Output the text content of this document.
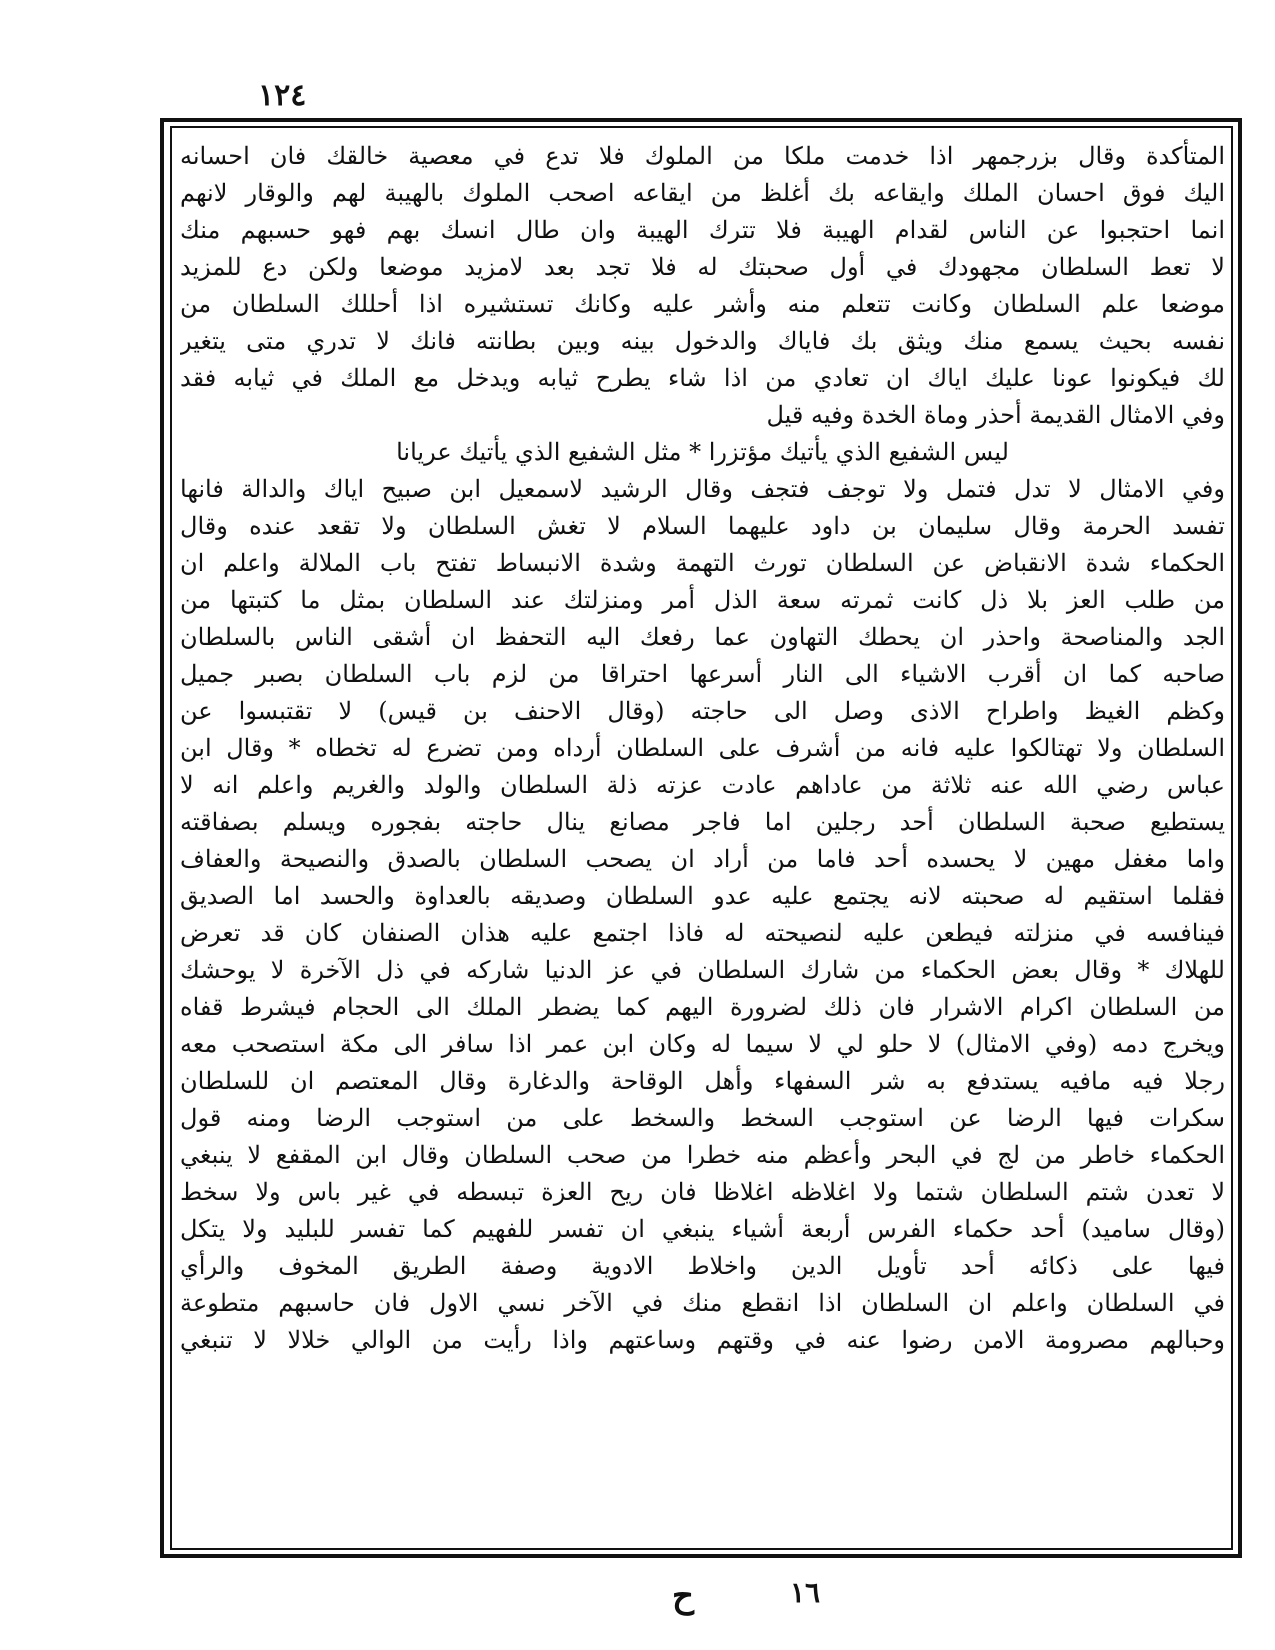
١٢٤
المتأكدة وقال بزرجمهر اذا خدمت ملكا من الملوك فلا تدع في معصية خالقك فان احسانه
اليك فوق احسان الملك وايقاعه بك أغلظ من ايقاعه اصحب الملوك بالهيبة لهم والوقار لانهم
انما احتجبوا عن الناس لقدام الهيبة فلا تترك الهيبة وان طال انسك بهم فهو حسبهم منك
لا تعط السلطان مجهودك في أول صحبتك له فلا تجد بعد لامزيد موضعا ولكن دع للمزيد
موضعا علم السلطان وكانت تتعلم منه وأشر عليه وكانك تستشيره اذا أحللك السلطان من
نفسه بحيث يسمع منك ويثق بك فاياك والدخول بينه وبين بطانته فانك لا تدري متى يتغير
لك فيكونوا عونا عليك اياك ان تعادي من اذا شاء يطرح ثيابه ويدخل مع الملك في ثيابه فقد
وفي الامثال القديمة أحذر وماة الخدة وفيه قيل
ليس الشفيع الذي يأتيك مؤتزرا * مثل الشفيع الذي يأتيك عريانا
وفي الامثال لا تدل فتمل ولا توجف فتجف وقال الرشيد لاسمعيل ابن صبيح اياك والدالة فانها
تفسد الحرمة وقال سليمان بن داود عليهما السلام لا تغش السلطان ولا تقعد عنده وقال
الحكماء شدة الانقباض عن السلطان تورث التهمة وشدة الانبساط تفتح باب الملالة واعلم ان
من طلب العز بلا ذل كانت ثمرته سعة الذل أمر ومنزلتك عند السلطان بمثل ما كتبتها من
الجد والمناصحة واحذر ان يحطك التهاون عما رفعك اليه التحفظ ان أشقى الناس بالسلطان
صاحبه كما ان أقرب الاشياء الى النار أسرعها احتراقا من لزم باب السلطان بصبر جميل
وكظم الغيظ واطراح الاذى وصل الى حاجته (وقال الاحنف بن قيس) لا تقتبسوا عن
السلطان ولا تهتالكوا عليه فانه من أشرف على السلطان أرداه ومن تضرع له تخطاه * وقال ابن
عباس رضي الله عنه ثلاثة من عاداهم عادت عزته ذلة السلطان والولد والغريم واعلم انه لا
يستطيع صحبة السلطان أحد رجلين اما فاجر مصانع ينال حاجته بفجوره ويسلم بصفاقته
واما مغفل مهين لا يحسده أحد فاما من أراد ان يصحب السلطان بالصدق والنصيحة والعفاف
فقلما استقيم له صحبته لانه يجتمع عليه عدو السلطان وصديقه بالعداوة والحسد اما الصديق
فينافسه في منزلته فيطعن عليه لنصيحته له فاذا اجتمع عليه هذان الصنفان كان قد تعرض
للهلاك * وقال بعض الحكماء من شارك السلطان في عز الدنيا شاركه في ذل الآخرة لا يوحشك
من السلطان اكرام الاشرار فان ذلك لضرورة اليهم كما يضطر الملك الى الحجام فيشرط قفاه
ويخرج دمه (وفي الامثال) لا حلو لي لا سيما له وكان ابن عمر اذا سافر الى مكة استصحب معه
رجلا فيه مافيه يستدفع به شر السفهاء وأهل الوقاحة والدغارة وقال المعتصم ان للسلطان
سكرات فيها الرضا عن استوجب السخط والسخط على من استوجب الرضا ومنه قول
الحكماء خاطر من لج في البحر وأعظم منه خطرا من صحب السلطان وقال ابن المقفع لا ينبغي
لا تعدن شتم السلطان شتما ولا اغلاظه اغلاظا فان ريح العزة تبسطه في غير باس ولا سخط
(وقال ساميد) أحد حكماء الفرس أربعة أشياء ينبغي ان تفسر للفهيم كما تفسر للبليد ولا يتكل
فيها على ذكائه أحد تأويل الدين واخلاط الادوية وصفة الطريق المخوف والرأي
في السلطان واعلم ان السلطان اذا انقطع منك في الآخر نسي الاول فان حاسبهم متطوعة
وحبالهم مصرومة الامن رضوا عنه في وقتهم وساعتهم واذا رأيت من الوالي خلالا لا تنبغي
ح	١٦
